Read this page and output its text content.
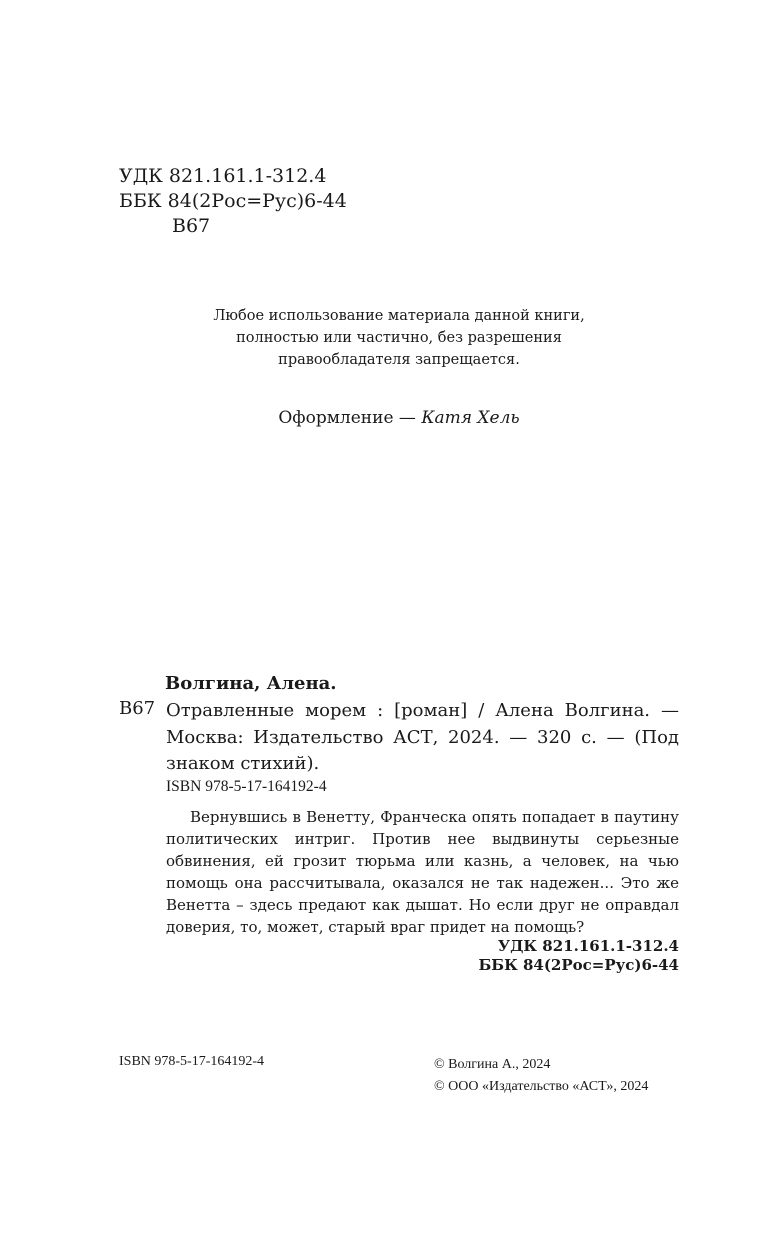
УДК 821.161.1-312.4
ББК 84(2Рос=Рус)6-44
В67
Любое использование материала данной книги,
полностью или частично, без разрешения
правообладателя запрещается.
Оформление — Катя Хель
Волгина, Алена.
В67 Отравленные морем : [роман] / Алена Волгина. — Москва: Издательство АСТ, 2024. — 320 с. — (Под знаком стихий).
ISBN 978-5-17-164192-4
Вернувшись в Венетту, Франческа опять попадает в паутину политических интриг. Против нее выдвинуты серьезные обвинения, ей грозит тюрьма или казнь, а человек, на чью помощь она рассчитывала, оказался не так надежен... Это же Венетта – здесь предают как дышат. Но если друг не оправдал доверия, то, может, старый враг придет на помощь?
УДК 821.161.1-312.4
ББК 84(2Рос=Рус)6-44
ISBN 978-5-17-164192-4	© Волгина А., 2024
© ООО «Издательство «АСТ», 2024
